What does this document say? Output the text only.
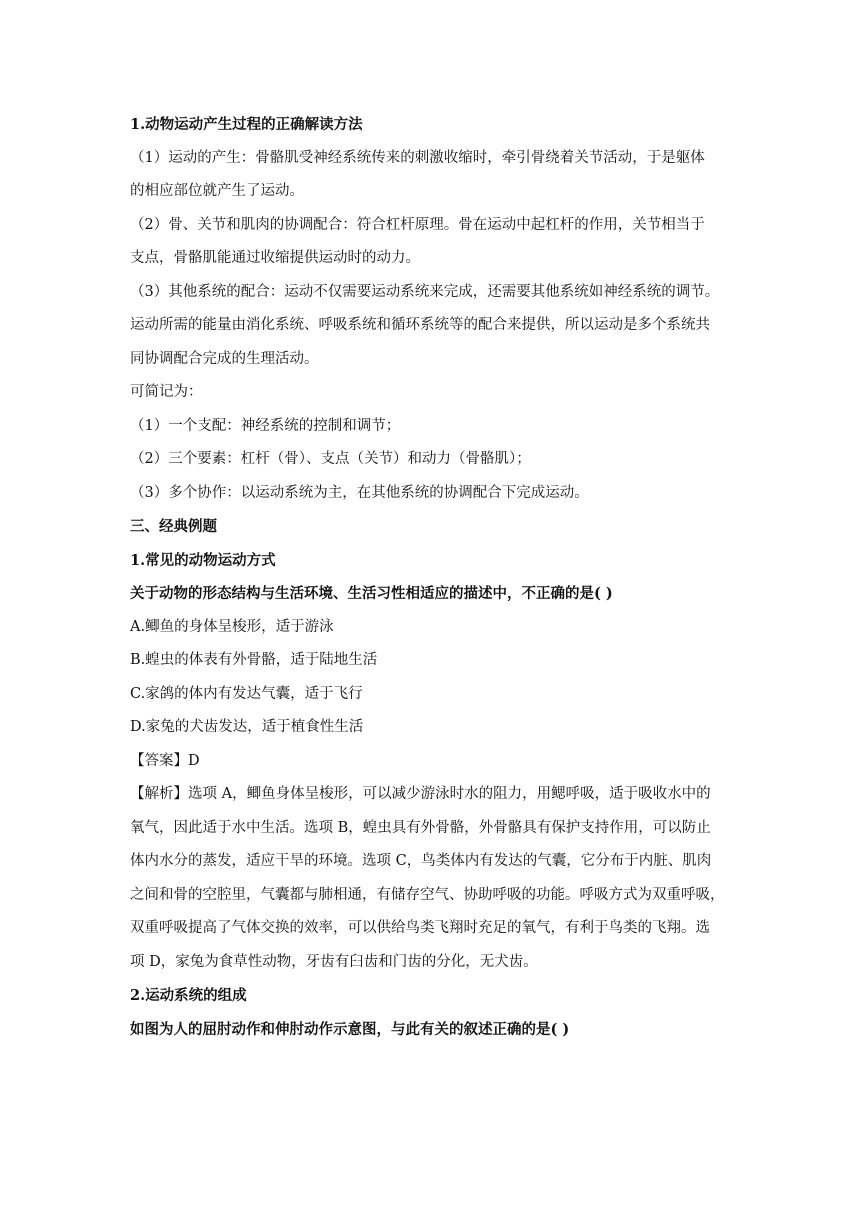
1.动物运动产生过程的正确解读方法

（1）运动的产生：骨骼肌受神经系统传来的刺激收缩时，牵引骨绕着关节活动，于是躯体

的相应部位就产生了运动。

（2）骨、关节和肌肉的协调配合：符合杠杆原理。骨在运动中起杠杆的作用，关节相当于

支点，骨骼肌能通过收缩提供运动时的动力。

（3）其他系统的配合：运动不仅需要运动系统来完成，还需要其他系统如神经系统的调节。

运动所需的能量由消化系统、呼吸系统和循环系统等的配合来提供，所以运动是多个系统共

同协调配合完成的生理活动。

可简记为：

（1）一个支配：神经系统的控制和调节；

（2）三个要素：杠杆（骨）、支点（关节）和动力（骨骼肌）；

（3）多个协作：以运动系统为主，在其他系统的协调配合下完成运动。

三、经典例题

1.常见的动物运动方式

关于动物的形态结构与生活环境、生活习性相适应的描述中，不正确的是( )

A.鲫鱼的身体呈梭形，适于游泳

B.蝗虫的体表有外骨骼，适于陆地生活

C.家鸽的体内有发达气囊，适于飞行

D.家兔的犬齿发达，适于植食性生活

【答案】D

【解析】选项 A，鲫鱼身体呈梭形，可以减少游泳时水的阻力，用鳃呼吸，适于吸收水中的

氧气，因此适于水中生活。选项 B，蝗虫具有外骨骼，外骨骼具有保护支持作用，可以防止

体内水分的蒸发，适应干旱的环境。选项 C，鸟类体内有发达的气囊，它分布于内脏、肌肉

之间和骨的空腔里，气囊都与肺相通，有储存空气、协助呼吸的功能。呼吸方式为双重呼吸，

双重呼吸提高了气体交换的效率，可以供给鸟类飞翔时充足的氧气，有利于鸟类的飞翔。选

项 D，家兔为食草性动物，牙齿有臼齿和门齿的分化，无犬齿。

2.运动系统的组成

如图为人的屈肘动作和伸肘动作示意图，与此有关的叙述正确的是( )
